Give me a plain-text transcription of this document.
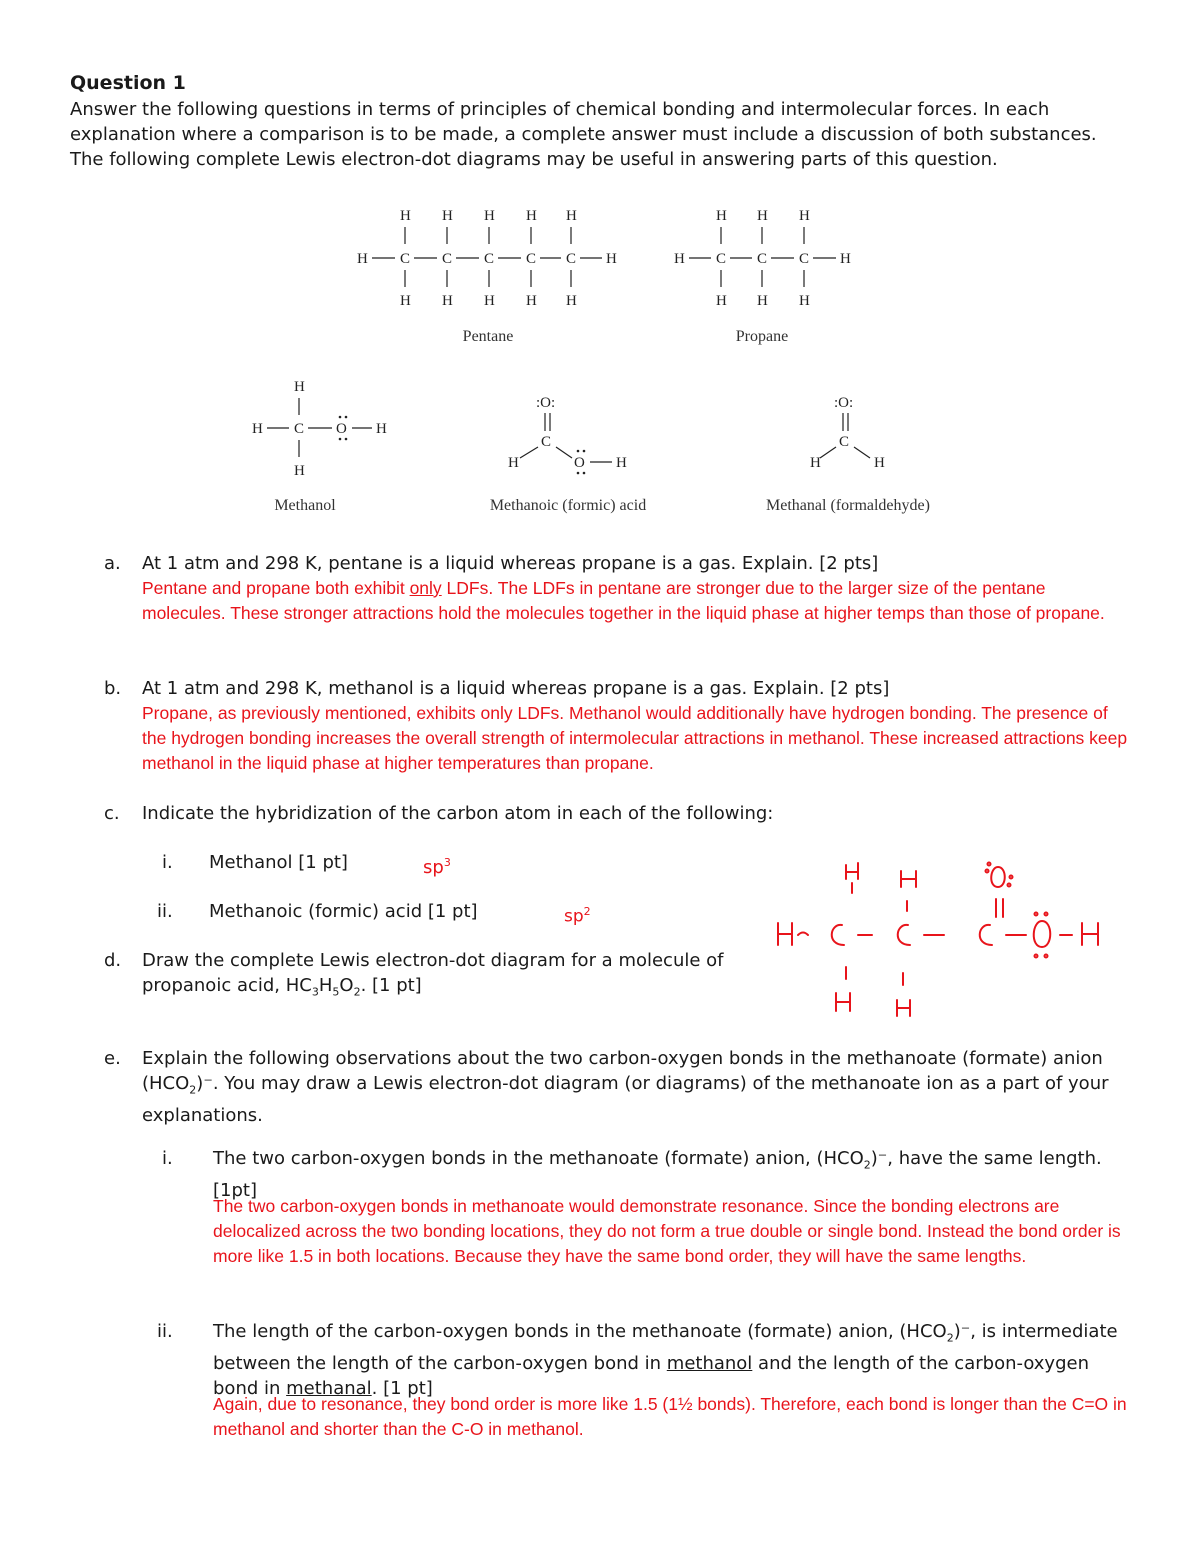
Question 1
Answer the following questions in terms of principles of chemical bonding and intermolecular forces. In each explanation where a comparison is to be made, a complete answer must include a discussion of both substances. The following complete Lewis electron-dot diagrams may be useful in answering parts of this question.
H H H H H
H C C C C C H
H H H H H
Pentane
H H H
H C C C H
H H H
Propane
H
H C O H
H
Methanol
:O:
C
H	O H
Methanoic (formic) acid
:O:
C
H	H
Methanal (formaldehyde)
a.	At 1 atm and 298 K, pentane is a liquid whereas propane is a gas. Explain. [2 pts]
Pentane and propane both exhibit only LDFs. The LDFs in pentane are stronger due to the larger size of the pentane molecules. These stronger attractions hold the molecules together in the liquid phase at higher temps than those of propane.
b.	At 1 atm and 298 K, methanol is a liquid whereas propane is a gas. Explain. [2 pts]
Propane, as previously mentioned, exhibits only LDFs. Methanol would additionally have hydrogen bonding. The presence of the hydrogen bonding increases the overall strength of intermolecular attractions in methanol. These increased attractions keep methanol in the liquid phase at higher temperatures than propane.
c.	Indicate the hybridization of the carbon atom in each of the following:
i. Methanol [1 pt]	$sp^3$
ii. Methanoic (formic) acid [1 pt]	$sp^2$
d.	Draw the complete Lewis electron-dot diagram for a molecule of propanoic acid, $HC_3H_5O_2$. [1 pt]
e.	Explain the following observations about the two carbon-oxygen bonds in the methanoate (formate) anion $(HCO_2)^-$. You may draw a Lewis electron-dot diagram (or diagrams) of the methanoate ion as a part of your explanations.
i. The two carbon-oxygen bonds in the methanoate (formate) anion, $(HCO_2)^-$, have the same length. [1pt]
The two carbon-oxygen bonds in methanoate would demonstrate resonance. Since the bonding electrons are delocalized across the two bonding locations, they do not form a true double or single bond. Instead the bond order is more like 1.5 in both locations. Because they have the same bond order, they will have the same lengths.
ii. The length of the carbon-oxygen bonds in the methanoate (formate) anion, $(HCO_2)^-$, is intermediate between the length of the carbon-oxygen bond in methanol and the length of the carbon-oxygen bond in methanal. [1 pt]
Again, due to resonance, they bond order is more like 1.5 (1½ bonds). Therefore, each bond is longer than the C=O in methanol and shorter than the C-O in methanol.
